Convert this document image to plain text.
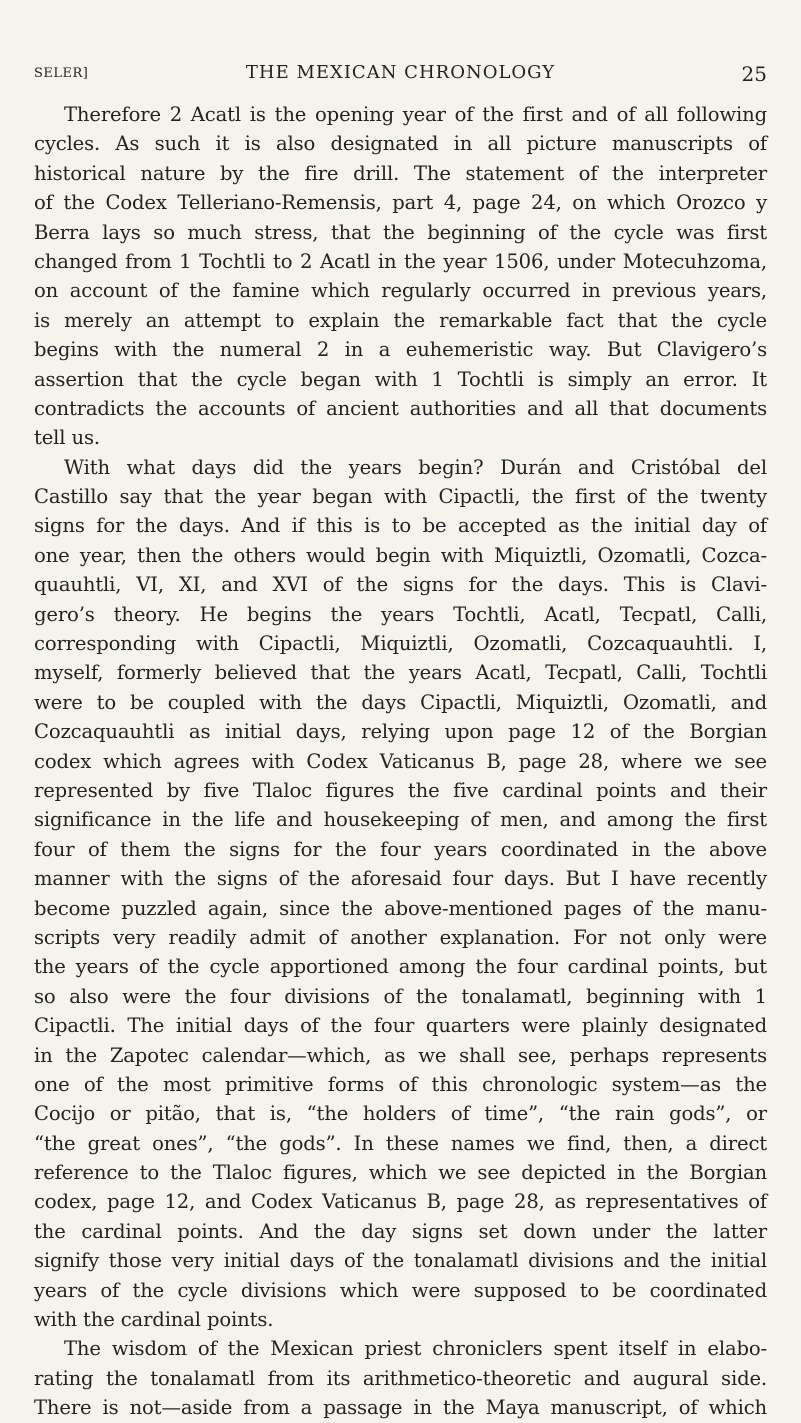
SELER]	THE MEXICAN CHRONOLOGY	25
Therefore 2 Acatl is the opening year of the first and of all following
cycles. As such it is also designated in all picture manuscripts of
historical nature by the fire drill. The statement of the interpreter
of the Codex Telleriano-Remensis, part 4, page 24, on which Orozco y
Berra lays so much stress, that the beginning of the cycle was first
changed from 1 Tochtli to 2 Acatl in the year 1506, under Motecuhzoma,
on account of the famine which regularly occurred in previous years,
is merely an attempt to explain the remarkable fact that the cycle
begins with the numeral 2 in a euhemeristic way. But Clavigero’s
assertion that the cycle began with 1 Tochtli is simply an error. It
contradicts the accounts of ancient authorities and all that documents
tell us.
With what days did the years begin? Durán and Cristóbal del
Castillo say that the year began with Cipactli, the first of the twenty
signs for the days. And if this is to be accepted as the initial day of
one year, then the others would begin with Miquiztli, Ozomatli, Cozca-
quauhtli, VI, XI, and XVI of the signs for the days. This is Clavi-
gero’s theory. He begins the years Tochtli, Acatl, Tecpatl, Calli,
corresponding with Cipactli, Miquiztli, Ozomatli, Cozcaquauhtli. I,
myself, formerly believed that the years Acatl, Tecpatl, Calli, Tochtli
were to be coupled with the days Cipactli, Miquiztli, Ozomatli, and
Cozcaquauhtli as initial days, relying upon page 12 of the Borgian
codex which agrees with Codex Vaticanus B, page 28, where we see
represented by five Tlaloc figures the five cardinal points and their
significance in the life and housekeeping of men, and among the first
four of them the signs for the four years coordinated in the above
manner with the signs of the aforesaid four days. But I have recently
become puzzled again, since the above-mentioned pages of the manu-
scripts very readily admit of another explanation. For not only were
the years of the cycle apportioned among the four cardinal points, but
so also were the four divisions of the tonalamatl, beginning with 1
Cipactli. The initial days of the four quarters were plainly designated
in the Zapotec calendar—which, as we shall see, perhaps represents
one of the most primitive forms of this chronologic system—as the
Cocijo or pitão, that is, “the holders of time”, “the rain gods”, or
“the great ones”, “the gods”. In these names we find, then, a direct
reference to the Tlaloc figures, which we see depicted in the Borgian
codex, page 12, and Codex Vaticanus B, page 28, as representatives of
the cardinal points. And the day signs set down under the latter
signify those very initial days of the tonalamatl divisions and the initial
years of the cycle divisions which were supposed to be coordinated
with the cardinal points.
The wisdom of the Mexican priest chroniclers spent itself in elabo-
rating the tonalamatl from its arithmetico-theoretic and augural side.
There is not—aside from a passage in the Maya manuscript, of which
